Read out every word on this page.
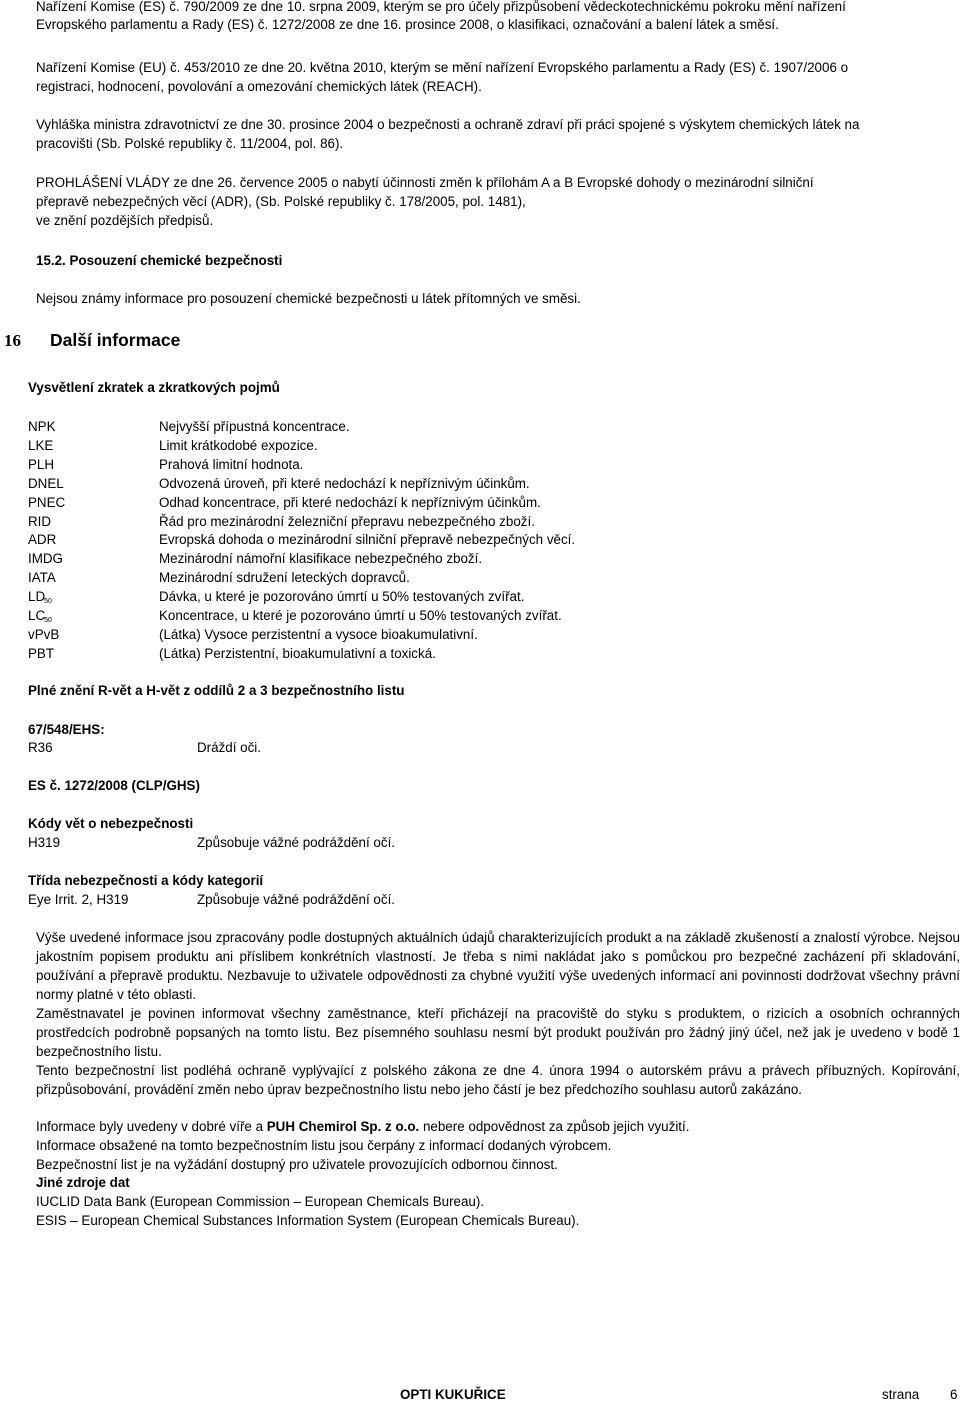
Nařízení Komise (ES) č. 790/2009 ze dne 10. srpna 2009, kterým se pro účely přizpůsobení vědeckotechnickému pokroku mění nařízení
Evropského parlamentu a Rady (ES) č. 1272/2008 ze dne 16. prosince 2008, o klasifikaci, označování a balení látek a směsí.
Nařízení Komise (EU) č. 453/2010 ze dne 20. května 2010, kterým se mění nařízení Evropského parlamentu a Rady (ES) č. 1907/2006 o
registraci, hodnocení, povolování a omezování chemických látek (REACH).
Vyhláška ministra zdravotnictví ze dne 30. prosince 2004 o bezpečnosti a ochraně zdraví při práci spojené s výskytem chemických látek na
pracovišti (Sb. Polské republiky č. 11/2004, pol. 86).
PROHLÁŠENÍ VLÁDY ze dne 26. července 2005 o nabytí účinnosti změn k přílohám A a B Evropské dohody o mezinárodní silniční
přepravě nebezpečných věcí (ADR), (Sb. Polské republiky č. 178/2005, pol. 1481),
ve znění pozdějších předpisů.
15.2. Posouzení chemické bezpečnosti
Nejsou známy informace pro posouzení chemické bezpečnosti u látek přítomných ve směsi.
16 Další informace
Vysvětlení zkratek a zkratkových pojmů
NPK	Nejvyšší přípustná koncentrace.
LKE	Limit krátkodobé expozice.
PLH	Prahová limitní hodnota.
DNEL	Odvozená úroveň, při které nedochází k nepříznivým účinkům.
PNEC	Odhad koncentrace, při které nedochází k nepříznivým účinkům.
RID	Řád pro mezinárodní železniční přepravu nebezpečného zboží.
ADR	Evropská dohoda o mezinárodní silniční přepravě nebezpečných věcí.
IMDG	Mezinárodní námořní klasifikace nebezpečného zboží.
IATA	Mezinárodní sdružení leteckých dopravců.
$LD_{50}$	Dávka, u které je pozorováno úmrtí u 50% testovaných zvířat.
$LC_{50}$	Koncentrace, u které je pozorováno úmrtí u 50% testovaných zvířat.
vPvB	(Látka) Vysoce perzistentní a vysoce bioakumulativní.
PBT	(Látka) Perzistentní, bioakumulativní a toxická.
Plné znění R-vět a H-vět z oddílů 2 a 3 bezpečnostního listu
67/548/EHS:
R36	Dráždí oči.
ES č. 1272/2008 (CLP/GHS)
Kódy vět o nebezpečnosti
H319	Způsobuje vážné podráždění očí.
Třída nebezpečnosti a kódy kategorií
Eye Irrit. 2, H319	Způsobuje vážné podráždění očí.
Výše uvedené informace jsou zpracovány podle dostupných aktuálních údajů charakterizujících produkt a na základě zkušeností a znalostí výrobce. Nejsou jakostním popisem produktu ani příslibem konkrétních vlastností. Je třeba s nimi nakládat jako s pomůckou pro bezpečné zacházení při skladování, používání a přepravě produktu. Nezbavuje to uživatele odpovědnosti za chybné využití výše uvedených informací ani povinnosti dodržovat všechny právní normy platné v této oblasti.
Zaměstnavatel je povinen informovat všechny zaměstnance, kteří přicházejí na pracoviště do styku s produktem, o rizicích a osobních ochranných prostředcích podrobně popsaných na tomto listu. Bez písemného souhlasu nesmí být produkt používán pro žádný jiný účel, než jak je uvedeno v bodě 1 bezpečnostního listu.
Tento bezpečnostní list podléhá ochraně vyplývající z polského zákona ze dne 4. února 1994 o autorském právu a právech příbuzných. Kopírování, přizpůsobování, provádění změn nebo úprav bezpečnostního listu nebo jeho částí je bez předchozího souhlasu autorů zakázáno.
Informace byly uvedeny v dobré víře a PUH Chemirol Sp. z o.o. nebere odpovědnost za způsob jejich využití.
Informace obsažené na tomto bezpečnostním listu jsou čerpány z informací dodaných výrobcem.
Bezpečnostní list je na vyžádání dostupný pro uživatele provozujících odbornou činnost.
Jiné zdroje dat
IUCLID Data Bank (European Commission – European Chemicals Bureau).
ESIS – European Chemical Substances Information System (European Chemicals Bureau).
OPTI KUKUŘICE	strana 6
